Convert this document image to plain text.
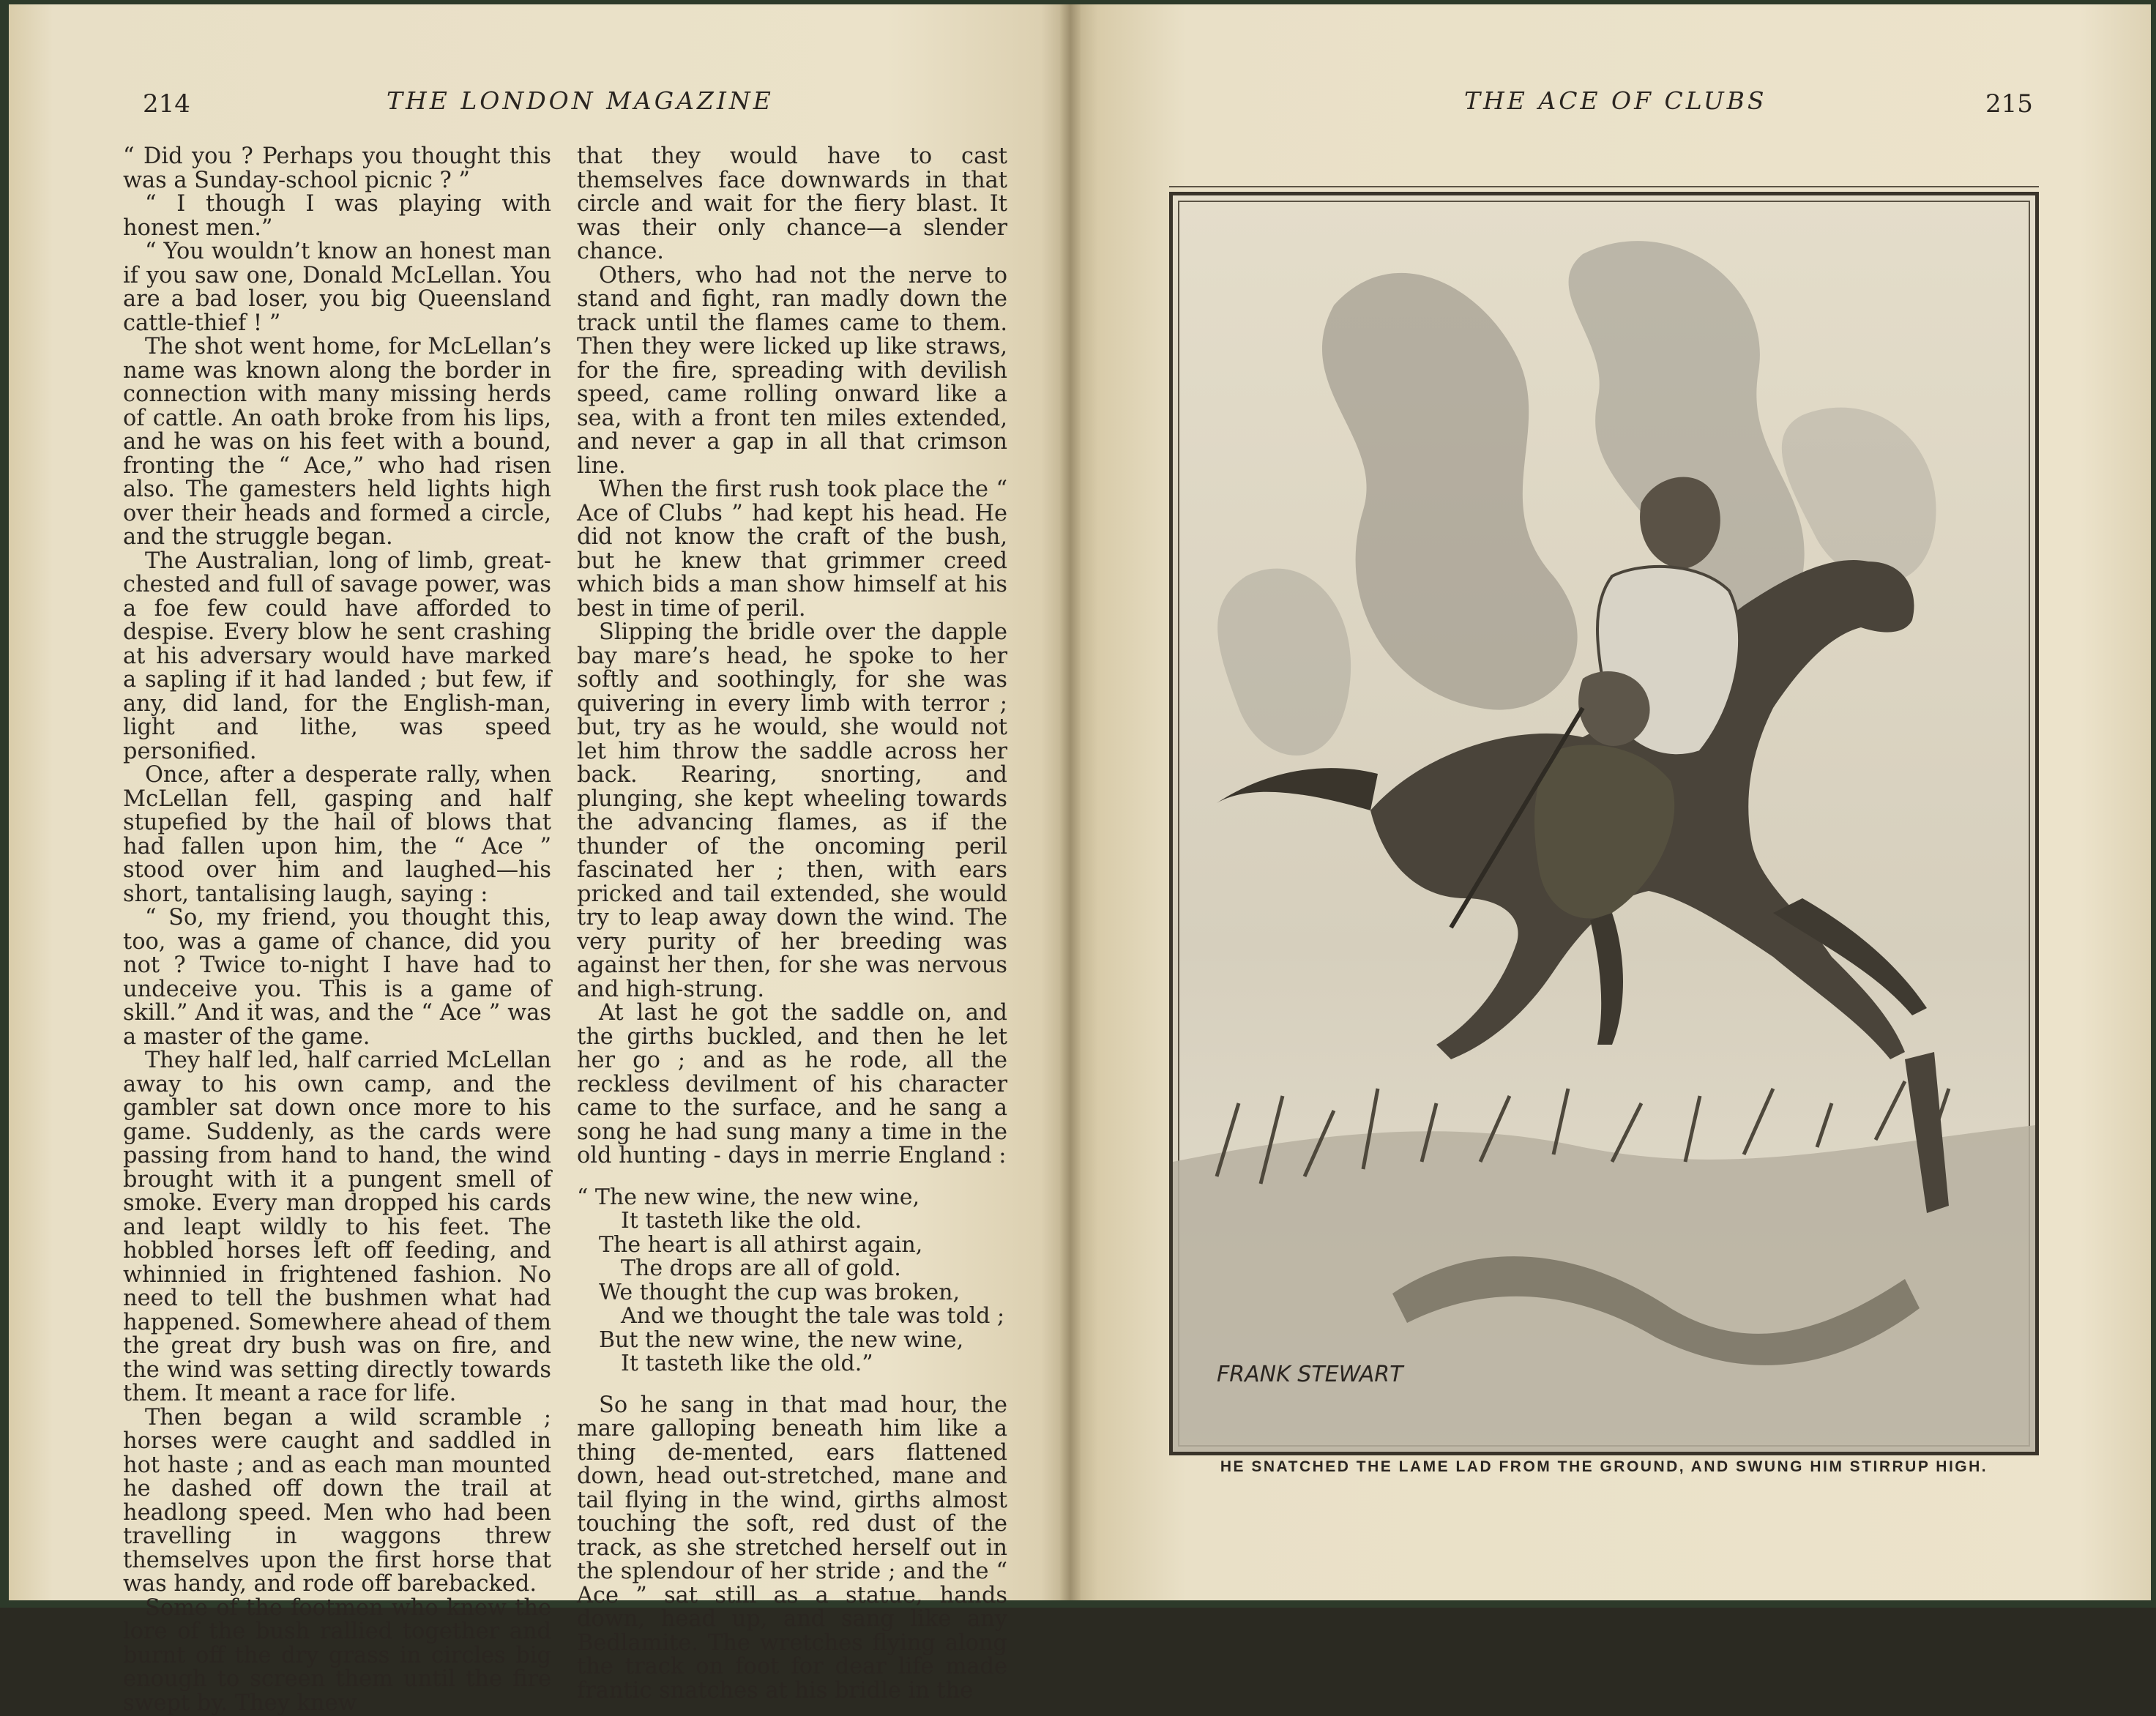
214	THE LONDON MAGAZINE

“ Did you ? Perhaps you thought this was a Sunday-school picnic ? ”

“ I though I was playing with honest men.”

“ You wouldn’t know an honest man if you saw one, Donald McLellan. You are a bad loser, you big Queensland cattle-thief ! ”

The shot went home, for McLellan’s name was known along the border in connection with many missing herds of cattle. An oath broke from his lips, and he was on his feet with a bound, fronting the “ Ace,” who had risen also. The gamesters held lights high over their heads and formed a circle, and the struggle began.

The Australian, long of limb, great-chested and full of savage power, was a foe few could have afforded to despise. Every blow he sent crashing at his adversary would have marked a sapling if it had landed ; but few, if any, did land, for the English-man, light and lithe, was speed personified.

Once, after a desperate rally, when McLellan fell, gasping and half stupefied by the hail of blows that had fallen upon him, the “ Ace ” stood over him and laughed—his short, tantalising laugh, saying :

“ So, my friend, you thought this, too, was a game of chance, did you not ? Twice to-night I have had to undeceive you. This is a game of skill.” And it was, and the “ Ace ” was a master of the game.

They half led, half carried McLellan away to his own camp, and the gambler sat down once more to his game. Suddenly, as the cards were passing from hand to hand, the wind brought with it a pungent smell of smoke. Every man dropped his cards and leapt wildly to his feet. The hobbled horses left off feeding, and whinnied in frightened fashion. No need to tell the bushmen what had happened. Somewhere ahead of them the great dry bush was on fire, and the wind was setting directly towards them. It meant a race for life.

Then began a wild scramble ; horses were caught and saddled in hot haste ; and as each man mounted he dashed off down the trail at headlong speed. Men who had been travelling in waggons threw themselves upon the first horse that was handy, and rode off barebacked.

Some of the footmen who knew the lore of the bush rallied together and burnt off the dry grass in circles big enough to screen them until the fire swept by. They knew

that they would have to cast themselves face downwards in that circle and wait for the fiery blast. It was their only chance—a slender chance.

Others, who had not the nerve to stand and fight, ran madly down the track until the flames came to them. Then they were licked up like straws, for the fire, spreading with devilish speed, came rolling onward like a sea, with a front ten miles extended, and never a gap in all that crimson line.

When the first rush took place the “ Ace of Clubs ” had kept his head. He did not know the craft of the bush, but he knew that grimmer creed which bids a man show himself at his best in time of peril.

Slipping the bridle over the dapple bay mare’s head, he spoke to her softly and soothingly, for she was quivering in every limb with terror ; but, try as he would, she would not let him throw the saddle across her back. Rearing, snorting, and plunging, she kept wheeling towards the advancing flames, as if the thunder of the oncoming peril fascinated her ; then, with ears pricked and tail extended, she would try to leap away down the wind. The very purity of her breeding was against her then, for she was nervous and high-strung.

At last he got the saddle on, and the girths buckled, and then he let her go ; and as he rode, all the reckless devilment of his character came to the surface, and he sang a song he had sung many a time in the old hunting - days in merrie England :

“ The new wine, the new wine,
It tasteth like the old.
The heart is all athirst again,
The drops are all of gold.
We thought the cup was broken,
And we thought the tale was told ;
But the new wine, the new wine,
It tasteth like the old.”

So he sang in that mad hour, the mare galloping beneath him like a thing de-mented, ears flattened down, head out-stretched, mane and tail flying in the wind, girths almost touching the soft, red dust of the track, as she stretched herself out in the splendour of her stride ; and the “ Ace ” sat still as a statue, hands down, head up, and sang like any Bedlamite. The wretches flying along the track on foot for dear life made frantic snatches at his bridle in the

THE ACE OF CLUBS	215
FRANK STEWART
HE SNATCHED THE LAME LAD FROM THE GROUND, AND SWUNG HIM STIRRUP HIGH.
